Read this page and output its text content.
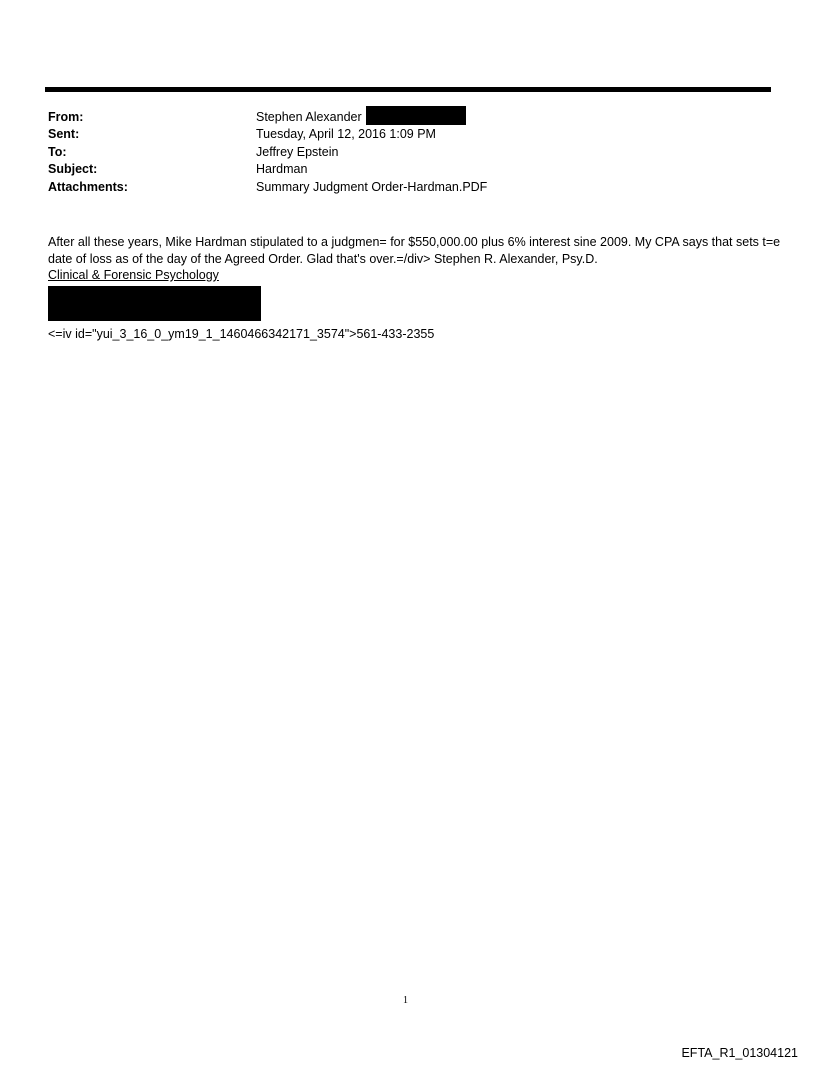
From:	Stephen Alexander
Sent:	Tuesday, April 12, 2016 1:09 PM
To:	Jeffrey Epstein
Subject:	Hardman
Attachments:	Summary Judgment Order-Hardman.PDF

After all these years, Mike Hardman stipulated to a judgmen= for $550,000.00 plus 6% interest sine 2009. My CPA says that sets t=e date of loss as of the day of the Agreed Order. Glad that's over.=/div> Stephen R. Alexander, Psy.D.

Clinical & Forensic Psychology

<=iv id="yui_3_16_0_ym19_1_1460466342171_3574">561-433-2355
1
EFTA_R1_01304121
